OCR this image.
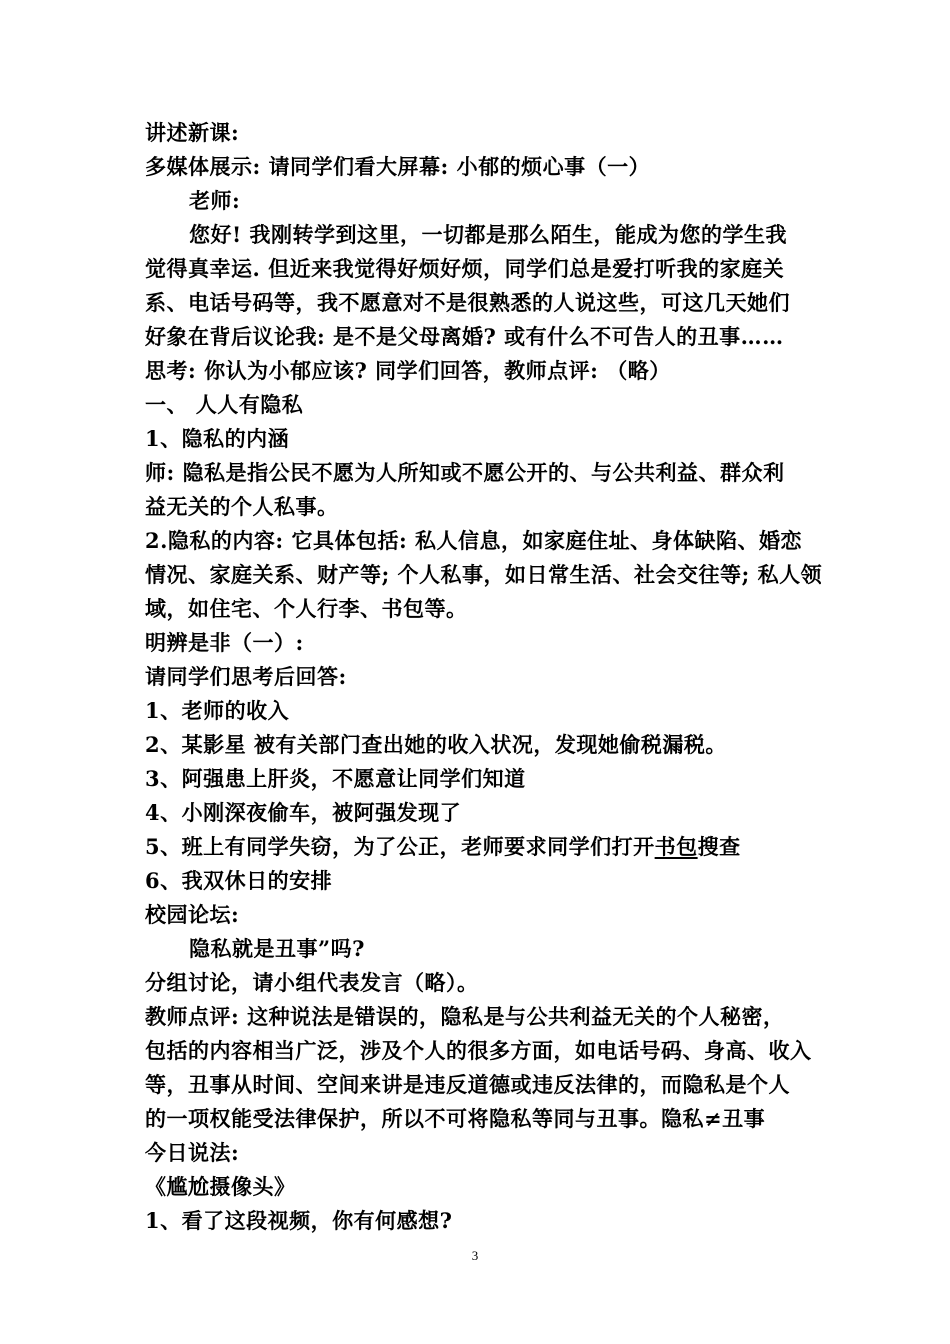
讲述新课:
多媒体展示: 请同学们看大屏幕: 小郁的烦心事（一）
老师:
您好! 我刚转学到这里，一切都是那么陌生，能成为您的学生我
觉得真幸运. 但近来我觉得好烦好烦，同学们总是爱打听我的家庭关
系、电话号码等，我不愿意对不是很熟悉的人说这些，可这几天她们
好象在背后议论我: 是不是父母离婚? 或有什么不可告人的丑事……
思考: 你认为小郁应该? 同学们回答，教师点评: （略）
一、 人人有隐私
1、隐私的内涵
师: 隐私是指公民不愿为人所知或不愿公开的、与公共利益、群众利
益无关的个人私事。
2.隐私的内容: 它具体包括: 私人信息，如家庭住址、身体缺陷、婚恋
情况、家庭关系、财产等; 个人私事，如日常生活、社会交往等; 私人领
域，如住宅、个人行李、书包等。
明辨是非（一）:
请同学们思考后回答:
1、老师的收入
2、某影星 被有关部门查出她的收入状况，发现她偷税漏税。
3、阿强患上肝炎，不愿意让同学们知道
4、小刚深夜偷车，被阿强发现了
5、班上有同学失窃，为了公正，老师要求同学们打开书包搜查
6、我双休日的安排
校园论坛:
隐私就是丑事”吗?
分组讨论，请小组代表发言（略）。
教师点评: 这种说法是错误的，隐私是与公共利益无关的个人秘密，
包括的内容相当广泛，涉及个人的很多方面，如电话号码、身高、收入
等，丑事从时间、空间来讲是违反道德或违反法律的，而隐私是个人
的一项权能受法律保护，所以不可将隐私等同与丑事。隐私≠丑事
今日说法:
《尴尬摄像头》
1、看了这段视频，你有何感想?
3
